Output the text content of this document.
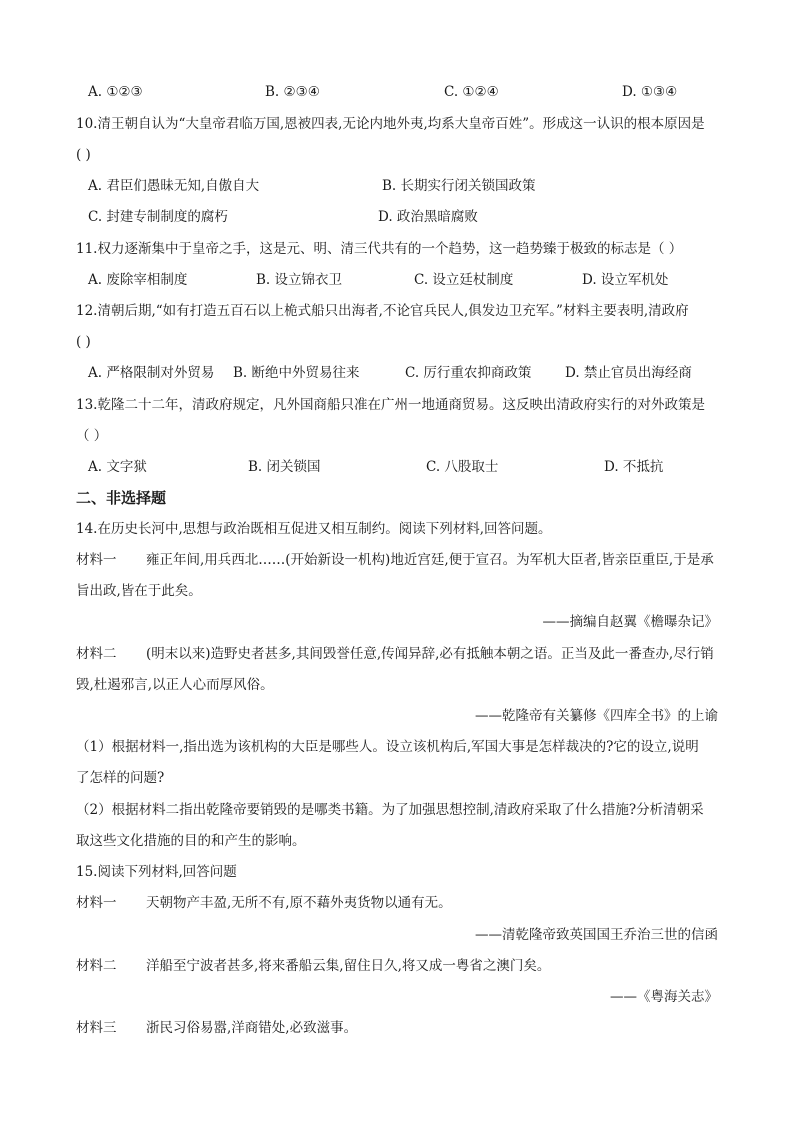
A. ①②③	B. ②③④	C. ①②④	D. ①③④
10.清王朝自认为“大皇帝君临万国,恩被四表,无论内地外夷,均系大皇帝百姓”。形成这一认识的根本原因是
( )
A. 君臣们愚昧无知,自傲自大	B. 长期实行闭关锁国政策
C. 封建专制制度的腐朽	D. 政治黑暗腐败
11.权力逐渐集中于皇帝之手，这是元、明、清三代共有的一个趋势，这一趋势臻于极致的标志是（ ）
A. 废除宰相制度	B. 设立锦衣卫	C. 设立廷杖制度	D. 设立军机处
12.清朝后期,“如有打造五百石以上桅式船只出海者,不论官兵民人,俱发边卫充军。”材料主要表明,清政府
( )
A. 严格限制对外贸易 B. 断绝中外贸易往来	C. 厉行重农抑商政策 D. 禁止官员出海经商
13.乾隆二十二年，清政府规定，凡外国商船只准在广州一地通商贸易。这反映出清政府实行的对外政策是
（ ）
A. 文字狱	B. 闭关锁国	C. 八股取士	D. 不抵抗
二、非选择题
14.在历史长河中,思想与政治既相互促进又相互制约。阅读下列材料,回答问题。
材料一 雍正年间,用兵西北……(开始新设一机构)地近宫廷,便于宣召。为军机大臣者,皆亲臣重臣,于是承
旨出政,皆在于此矣。
——摘编自赵翼《檐曝杂记》
材料二 (明末以来)造野史者甚多,其间毁誉任意,传闻异辞,必有抵触本朝之语。正当及此一番查办,尽行销
毁,杜遏邪言,以正人心而厚风俗。
——乾隆帝有关纂修《四库全书》的上谕
（1）根据材料一,指出选为该机构的大臣是哪些人。设立该机构后,军国大事是怎样裁决的?它的设立,说明
了怎样的问题?
（2）根据材料二指出乾隆帝要销毁的是哪类书籍。为了加强思想控制,清政府采取了什么措施?分析清朝采
取这些文化措施的目的和产生的影响。
15.阅读下列材料,回答问题
材料一 天朝物产丰盈,无所不有,原不藉外夷货物以通有无。
——清乾隆帝致英国国王乔治三世的信函
材料二 洋船至宁波者甚多,将来番船云集,留住日久,将又成一粤省之澳门矣。
——《粤海关志》
材料三 浙民习俗易嚣,洋商错处,必致滋事。
